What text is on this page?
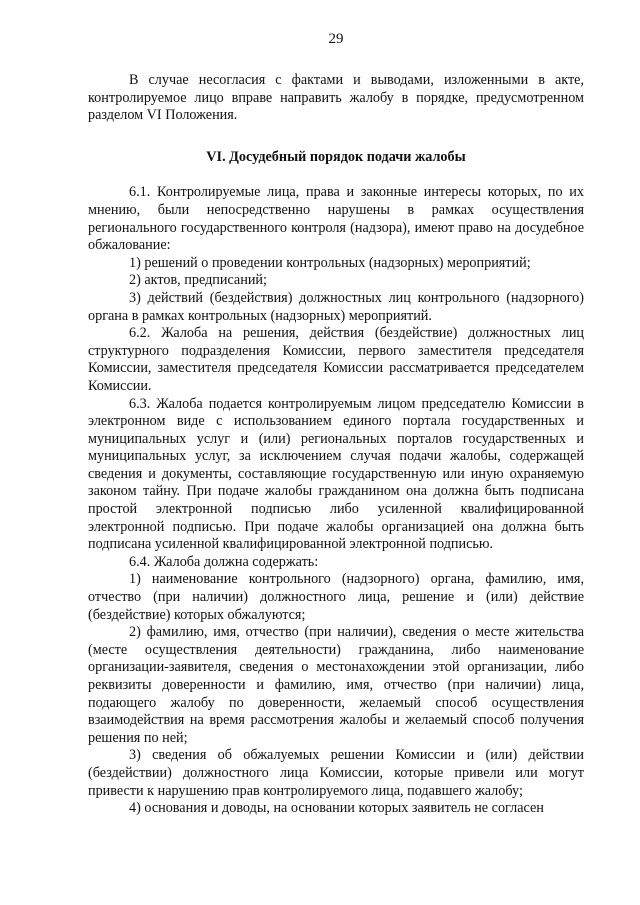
29

В случае несогласия с фактами и выводами, изложенными в акте, контролируемое лицо вправе направить жалобу в порядке, предусмотренном разделом VI Положения.

VI. Досудебный порядок подачи жалобы

6.1. Контролируемые лица, права и законные интересы которых, по их мнению, были непосредственно нарушены в рамках осуществления регионального государственного контроля (надзора), имеют право на досудебное обжалование:

1) решений о проведении контрольных (надзорных) мероприятий;

2) актов, предписаний;

3) действий (бездействия) должностных лиц контрольного (надзорного) органа в рамках контрольных (надзорных) мероприятий.

6.2. Жалоба на решения, действия (бездействие) должностных лиц структурного подразделения Комиссии, первого заместителя председателя Комиссии, заместителя председателя Комиссии рассматривается председателем Комиссии.

6.3. Жалоба подается контролируемым лицом председателю Комиссии в электронном виде с использованием единого портала государственных и муниципальных услуг и (или) региональных порталов государственных и муниципальных услуг, за исключением случая подачи жалобы, содержащей сведения и документы, составляющие государственную или иную охраняемую законом тайну. При подаче жалобы гражданином она должна быть подписана простой электронной подписью либо усиленной квалифицированной электронной подписью. При подаче жалобы организацией она должна быть подписана усиленной квалифицированной электронной подписью.

6.4. Жалоба должна содержать:

1) наименование контрольного (надзорного) органа, фамилию, имя, отчество (при наличии) должностного лица, решение и (или) действие (бездействие) которых обжалуются;

2) фамилию, имя, отчество (при наличии), сведения о месте жительства (месте осуществления деятельности) гражданина, либо наименование организации-заявителя, сведения о местонахождении этой организации, либо реквизиты доверенности и фамилию, имя, отчество (при наличии) лица, подающего жалобу по доверенности, желаемый способ осуществления взаимодействия на время рассмотрения жалобы и желаемый способ получения решения по ней;

3) сведения об обжалуемых решении Комиссии и (или) действии (бездействии) должностного лица Комиссии, которые привели или могут привести к нарушению прав контролируемого лица, подавшего жалобу;

4) основания и доводы, на основании которых заявитель не согласен
